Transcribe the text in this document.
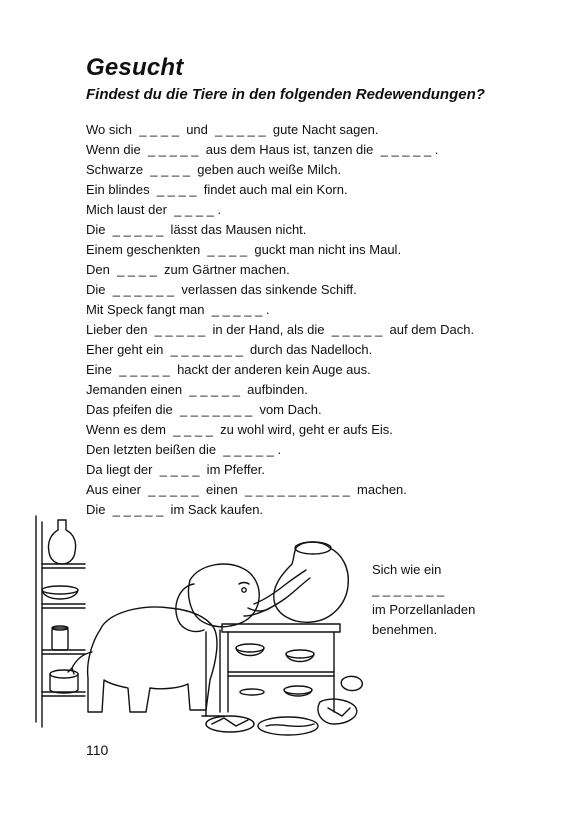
Gesucht
Findest du die Tiere in den folgenden Redewendungen?
Wo sich  _ _ _ _  und  _ _ _ _ _  gute Nacht sagen.
Wenn die  _ _ _ _ _  aus dem Haus ist, tanzen die  _ _ _ _ _ .
Schwarze  _ _ _ _  geben auch weiße Milch.
Ein blindes  _ _ _ _  findet auch mal ein Korn.
Mich laust der  _ _ _ _ .
Die  _ _ _ _ _  lässt das Mausen nicht.
Einem geschenkten  _ _ _ _  guckt man nicht ins Maul.
Den  _ _ _ _  zum Gärtner machen.
Die  _ _ _ _ _ _  verlassen das sinkende Schiff.
Mit Speck fangt man  _ _ _ _ _ .
Lieber den  _ _ _ _ _  in der Hand, als die  _ _ _ _ _  auf dem Dach.
Eher geht ein  _ _ _ _ _ _ _  durch das Nadelloch.
Eine  _ _ _ _ _  hackt der anderen kein Auge aus.
Jemanden einen  _ _ _ _ _  aufbinden.
Das pfeifen die  _ _ _ _ _ _ _  vom Dach.
Wenn es dem  _ _ _ _  zu wohl wird, geht er aufs Eis.
Den letzten beißen die  _ _ _ _ _ .
Da liegt der  _ _ _ _  im Pfeffer.
Aus einer  _ _ _ _ _  einen  _ _ _ _ _ _ _ _ _ _  machen.
Die  _ _ _ _ _  im Sack kaufen.
Sich wie ein
_ _ _ _ _ _ _
im Porzellanladen
benehmen.
110
